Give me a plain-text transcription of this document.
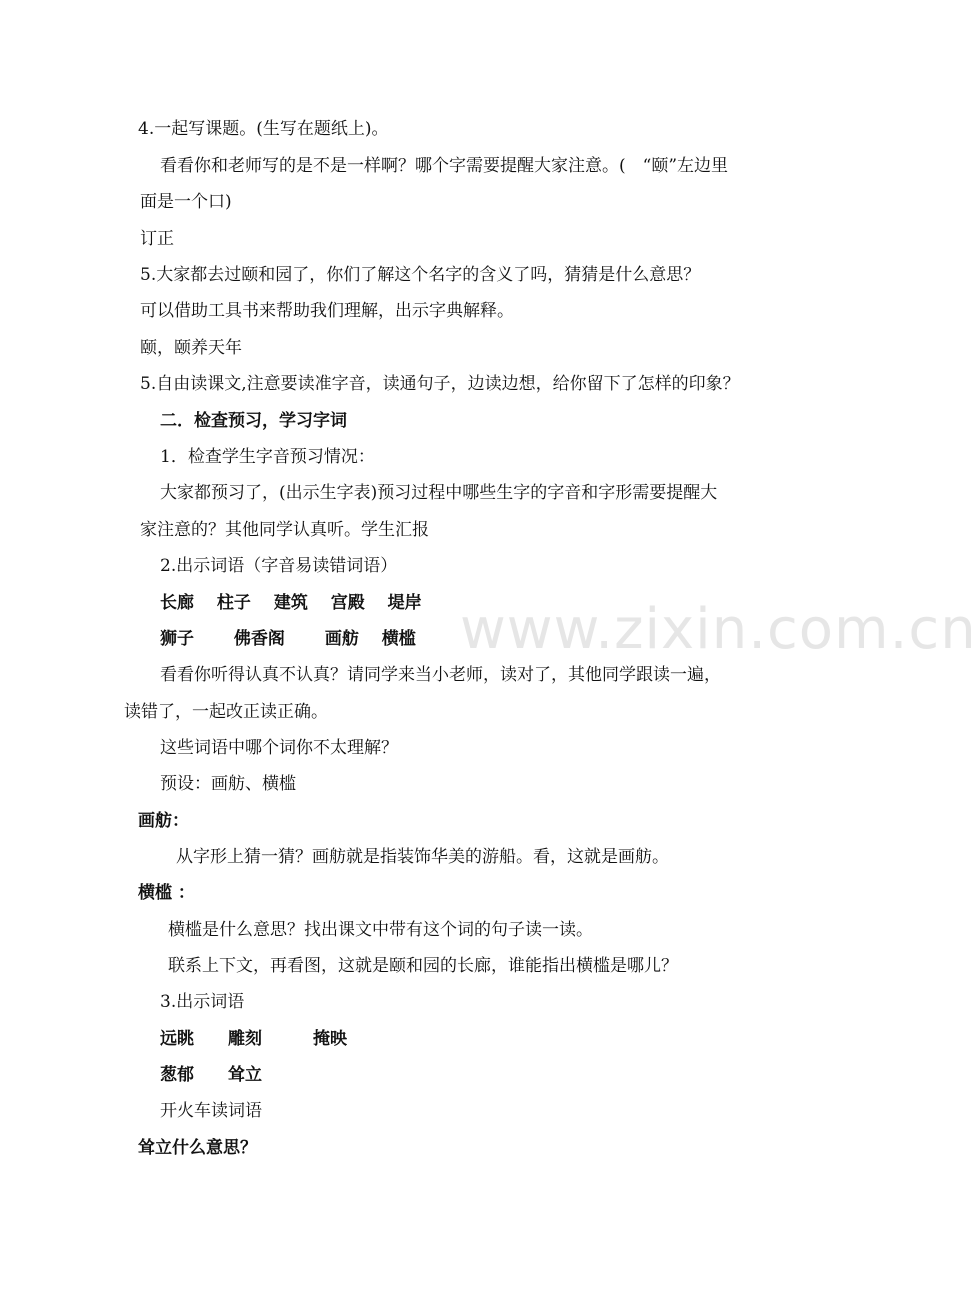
www.zixin.com.cn
4.一起写课题。(生写在题纸上)。
看看你和老师写的是不是一样啊？哪个字需要提醒大家注意。(　“颐”左边里
面是一个口)
订正
5.大家都去过颐和园了，你们了解这个名字的含义了吗，猜猜是什么意思？
可以借助工具书来帮助我们理解，出示字典解释。
颐，颐养天年
5.自由读课文,注意要读准字音，读通句子，边读边想，给你留下了怎样的印象？
二．检查预习，学习字词
1．检查学生字音预习情况：
大家都预习了，(出示生字表)预习过程中哪些生字的字音和字形需要提醒大
家注意的？其他同学认真听。学生汇报
2.出示词语（字音易读错词语）
长廊　 柱子　 建筑　 宫殿　 堤岸
狮子　　 佛香阁　　 画舫　 横槛
看看你听得认真不认真？请同学来当小老师，读对了，其他同学跟读一遍，
读错了，一起改正读正确。
这些词语中哪个词你不太理解？
预设：画舫、横槛
画舫：
从字形上猜一猜？画舫就是指装饰华美的游船。看，这就是画舫。
横槛 ：
横槛是什么意思？找出课文中带有这个词的句子读一读。
联系上下文，再看图，这就是颐和园的长廊，谁能指出横槛是哪儿？
3.出示词语
远眺　　雕刻　　　掩映
葱郁　　耸立
开火车读词语
耸立什么意思？
